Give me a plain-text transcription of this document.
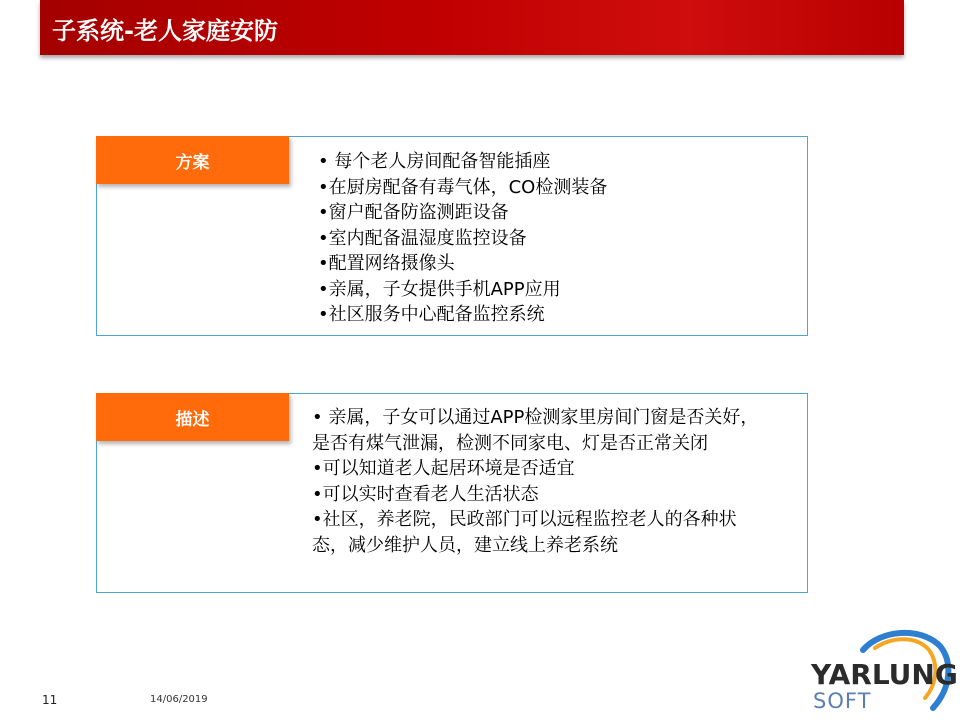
子系统-老人家庭安防
方案	• 每个老人房间配备智能插座
•在厨房配备有毒气体，CO检测装备
•窗户配备防盗测距设备
•室内配备温湿度监控设备
•配置网络摄像头
•亲属，子女提供手机APP应用
•社区服务中心配备监控系统
描述	• 亲属，子女可以通过APP检测家里房间门窗是否关好，是否有煤气泄漏，检测不同家电、灯是否正常关闭
•可以知道老人起居环境是否适宜
•可以实时查看老人生活状态
•社区，养老院，民政部门可以远程监控老人的各种状态，减少维护人员，建立线上养老系统
11	14/06/2019
YARLUNG
SOFT
